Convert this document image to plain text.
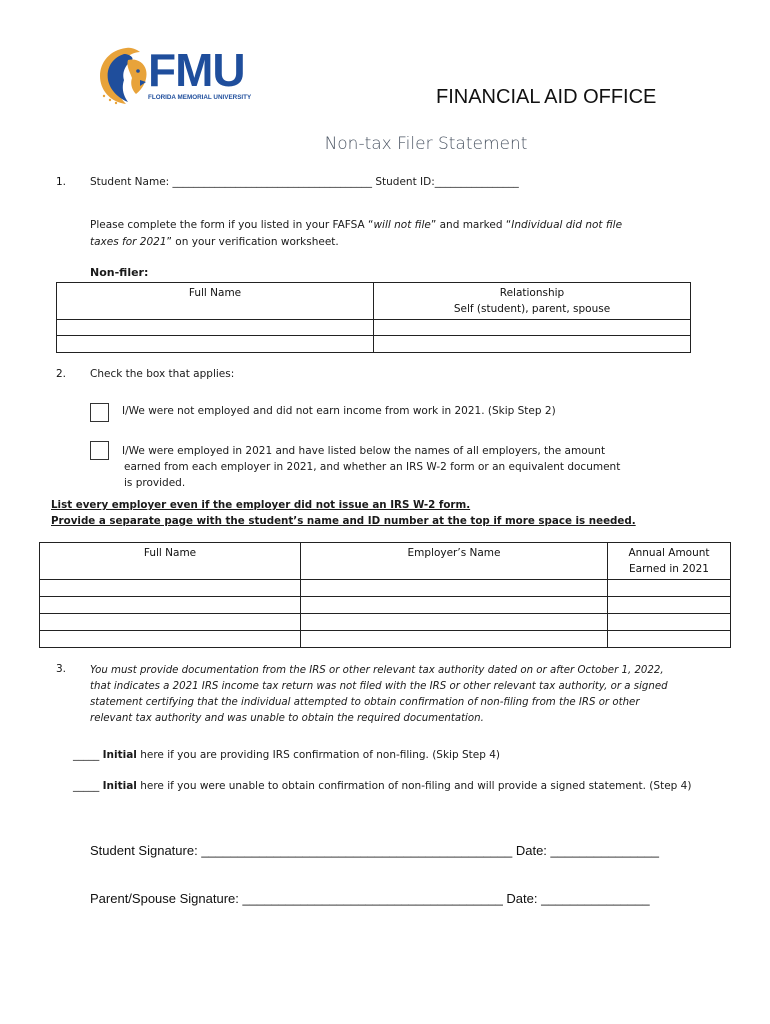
FMU
FLORIDA MEMORIAL UNIVERSITY	FINANCIAL AID OFFICE
Non-tax Filer Statement
1. Student Name: ______________________________________ Student ID:________________
Please complete the form if you listed in your FAFSA “will not file” and marked “Individual did not file
taxes for 2021” on your verification worksheet.
Non-filer:
Full Name	Relationship
Self (student), parent, spouse

2. Check the box that applies:
I/We were not employed and did not earn income from work in 2021. (Skip Step 2)
I/We were employed in 2021 and have listed below the names of all employers, the amount
earned from each employer in 2021, and whether an IRS W-2 form or an equivalent document
is provided.
List every employer even if the employer did not issue an IRS W-2 form.
Provide a separate page with the student’s name and ID number at the top if more space is needed.
Full Name	Employer’s Name	Annual Amount
Earned in 2021

3. You must provide documentation from the IRS or other relevant tax authority dated on or after October 1, 2022,
that indicates a 2021 IRS income tax return was not filed with the IRS or other relevant tax authority, or a signed
statement certifying that the individual attempted to obtain confirmation of non-filing from the IRS or other
relevant tax authority and was unable to obtain the required documentation.
_____ Initial here if you are providing IRS confirmation of non-filing. (Skip Step 4)
_____ Initial here if you were unable to obtain confirmation of non-filing and will provide a signed statement. (Step 4)
Student Signature: ___________________________________________ Date: _______________
Parent/Spouse Signature: ____________________________________ Date: _______________
